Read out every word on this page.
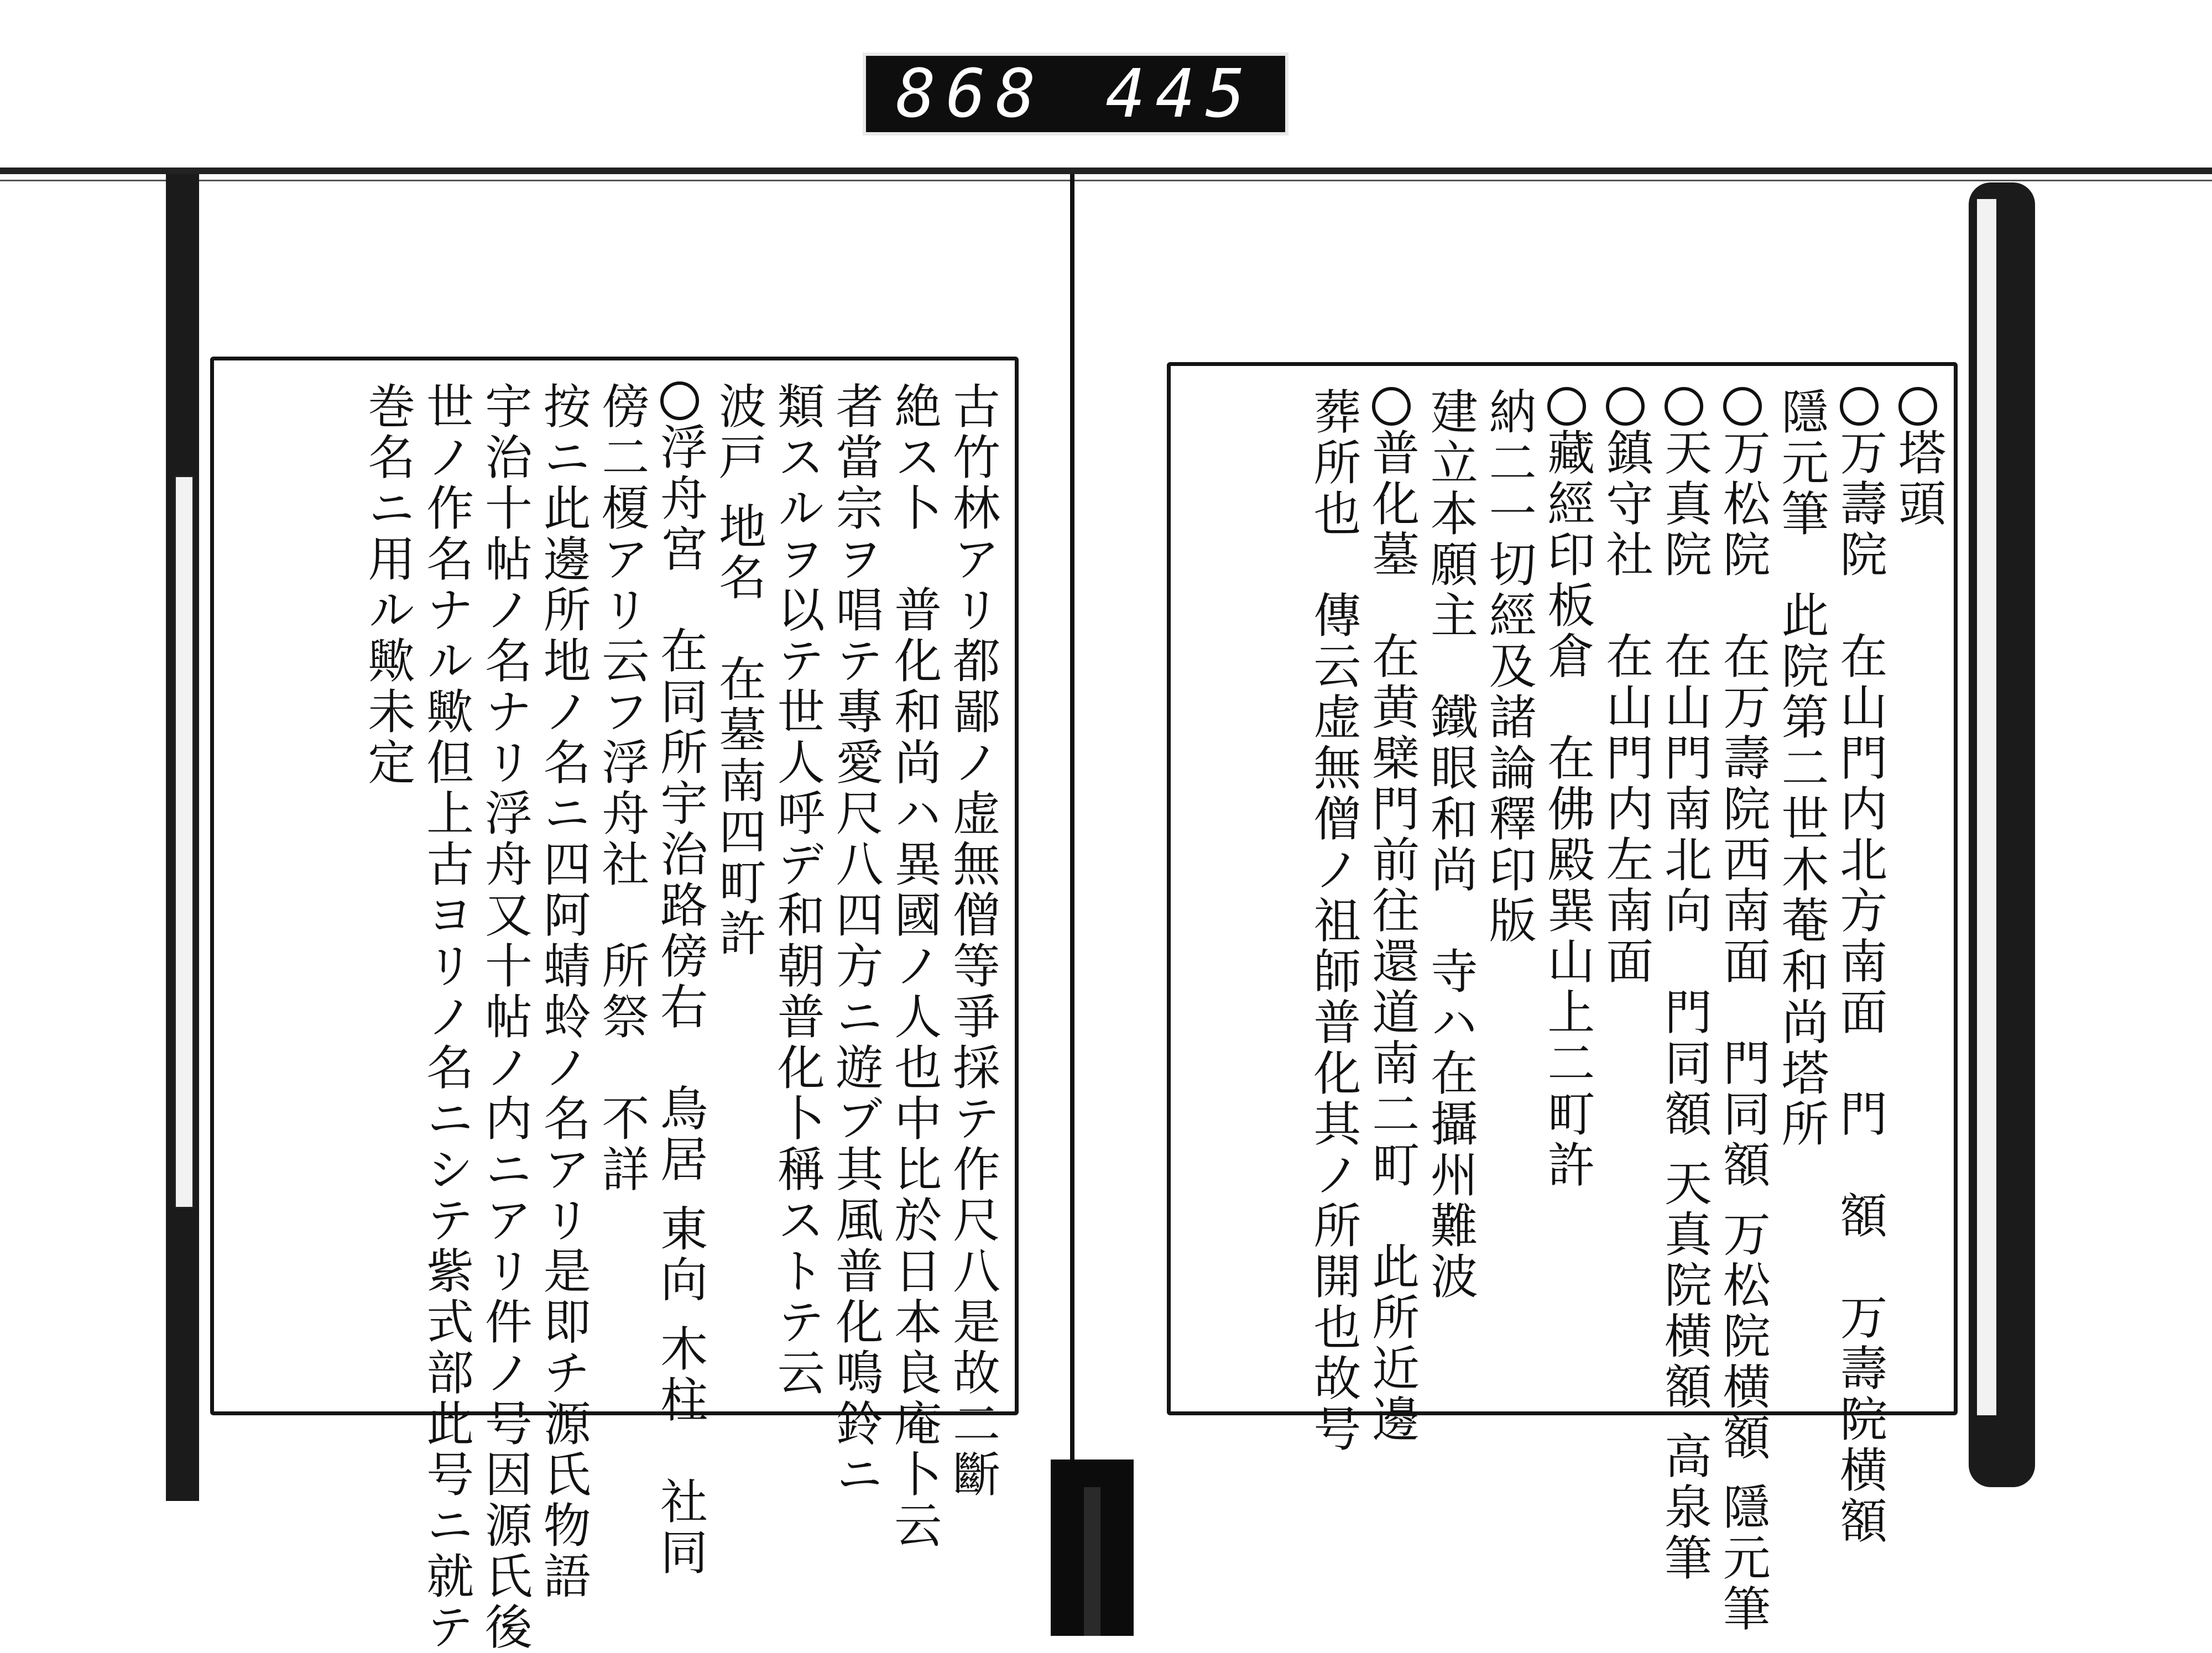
868 445
塔頭
万壽院　在山門内北方南面　門　額　万壽院横額
隱元筆　此院第二世木菴和尚塔所
万松院　在万壽院西南面　門同額 万松院横額 隱元筆
天真院　在山門南北向　門同額 天真院横額 高泉筆
鎮守社　在山門内左南面
藏經印板倉　在佛殿巽山上二町許
納二一切經及諸論釋印版
建立本願主　鐵眼和尚　寺ハ在攝州難波
普化墓　在黄檗門前往還道南二町　此所近邊
葬所也　傳云虚無僧ノ祖師普化其ノ所開也故号
古竹林アリ都鄙ノ虚無僧等爭採テ作尺八是故二斷
絶ス卜　普化和尚ハ異國ノ人也中比於日本良庵卜云
者當宗ヲ唱テ專愛尺八四方ニ遊ブ其風普化鳴鈴ニ
類スルヲ以テ世人呼デ和朝普化卜稱ストテ云
波戸 地名　在墓南四町許
浮舟宮　在同所宇治路傍右　鳥居 東向 木柱　社同
傍二榎アリ云フ浮舟社　所祭　不詳
按ニ此邊所地ノ名ニ四阿蜻蛉ノ名アリ是即チ源氏物語
宇治十帖ノ名ナリ浮舟又十帖ノ内ニアリ件ノ号因源氏後
世ノ作名ナル歟但上古ヨリノ名ニシテ紫式部此号ニ就テ
巻名ニ用ル歟未定
